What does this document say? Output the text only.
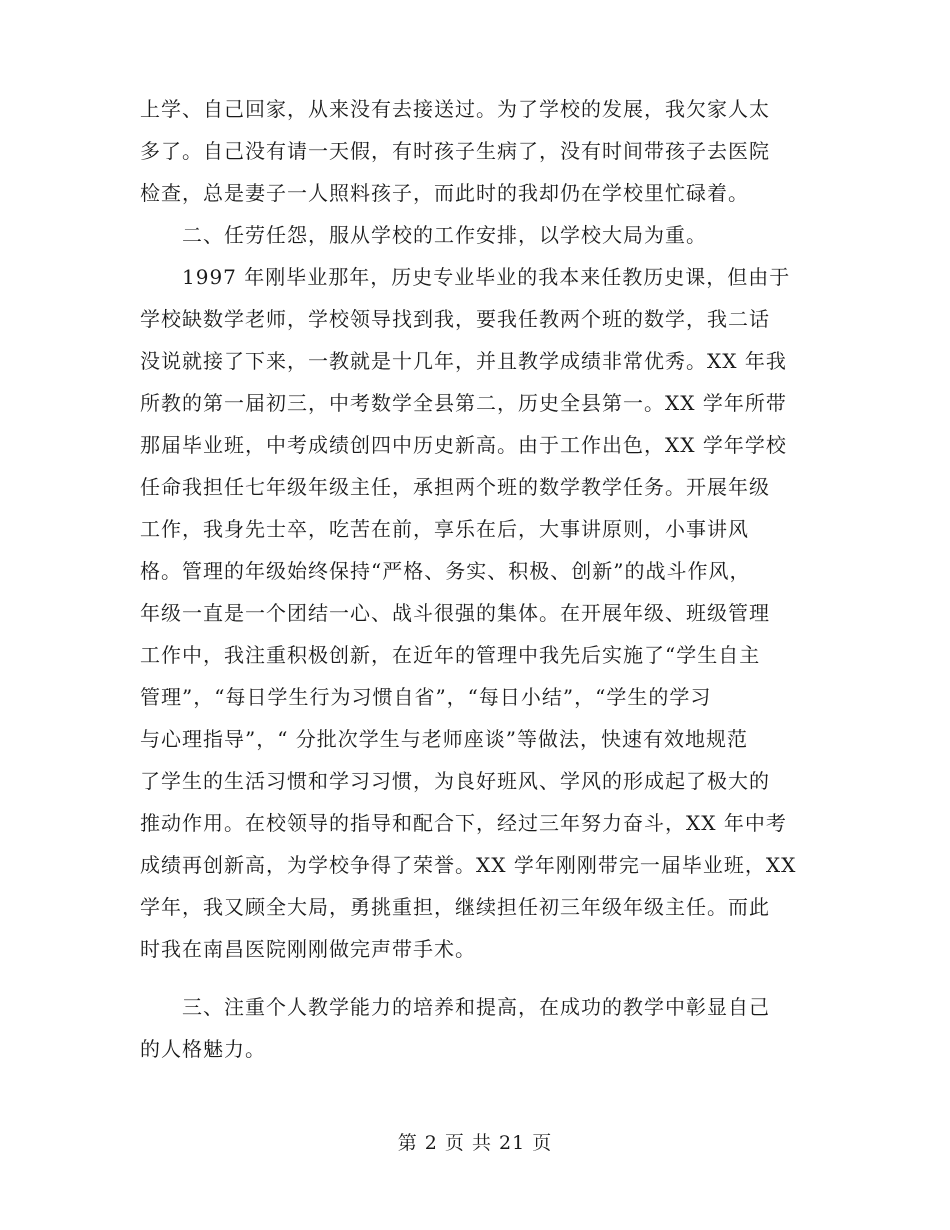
上学、自己回家，从来没有去接送过。为了学校的发展，我欠家人太
多了。自己没有请一天假，有时孩子生病了，没有时间带孩子去医院
检查，总是妻子一人照料孩子，而此时的我却仍在学校里忙碌着。
　　二、任劳任怨，服从学校的工作安排，以学校大局为重。
　　1997 年刚毕业那年，历史专业毕业的我本来任教历史课，但由于
学校缺数学老师，学校领导找到我，要我任教两个班的数学，我二话
没说就接了下来，一教就是十几年，并且教学成绩非常优秀。XX 年我
所教的第一届初三，中考数学全县第二，历史全县第一。XX 学年所带
那届毕业班，中考成绩创四中历史新高。由于工作出色，XX 学年学校
任命我担任七年级年级主任，承担两个班的数学教学任务。开展年级
工作，我身先士卒，吃苦在前，享乐在后，大事讲原则，小事讲风
格。管理的年级始终保持“严格、务实、积极、创新”的战斗作风，
年级一直是一个团结一心、战斗很强的集体。在开展年级、班级管理
工作中，我注重积极创新，在近年的管理中我先后实施了“学生自主
管理”，“每日学生行为习惯自省”，“每日小结”，“学生的学习
与心理指导”，“ 分批次学生与老师座谈”等做法，快速有效地规范
了学生的生活习惯和学习习惯，为良好班风、学风的形成起了极大的
推动作用。在校领导的指导和配合下，经过三年努力奋斗，XX 年中考
成绩再创新高，为学校争得了荣誉。XX 学年刚刚带完一届毕业班，XX
学年，我又顾全大局，勇挑重担，继续担任初三年级年级主任。而此
时我在南昌医院刚刚做完声带手术。
　　三、注重个人教学能力的培养和提高，在成功的教学中彰显自己
的人格魅力。
第 2 页 共 21 页
